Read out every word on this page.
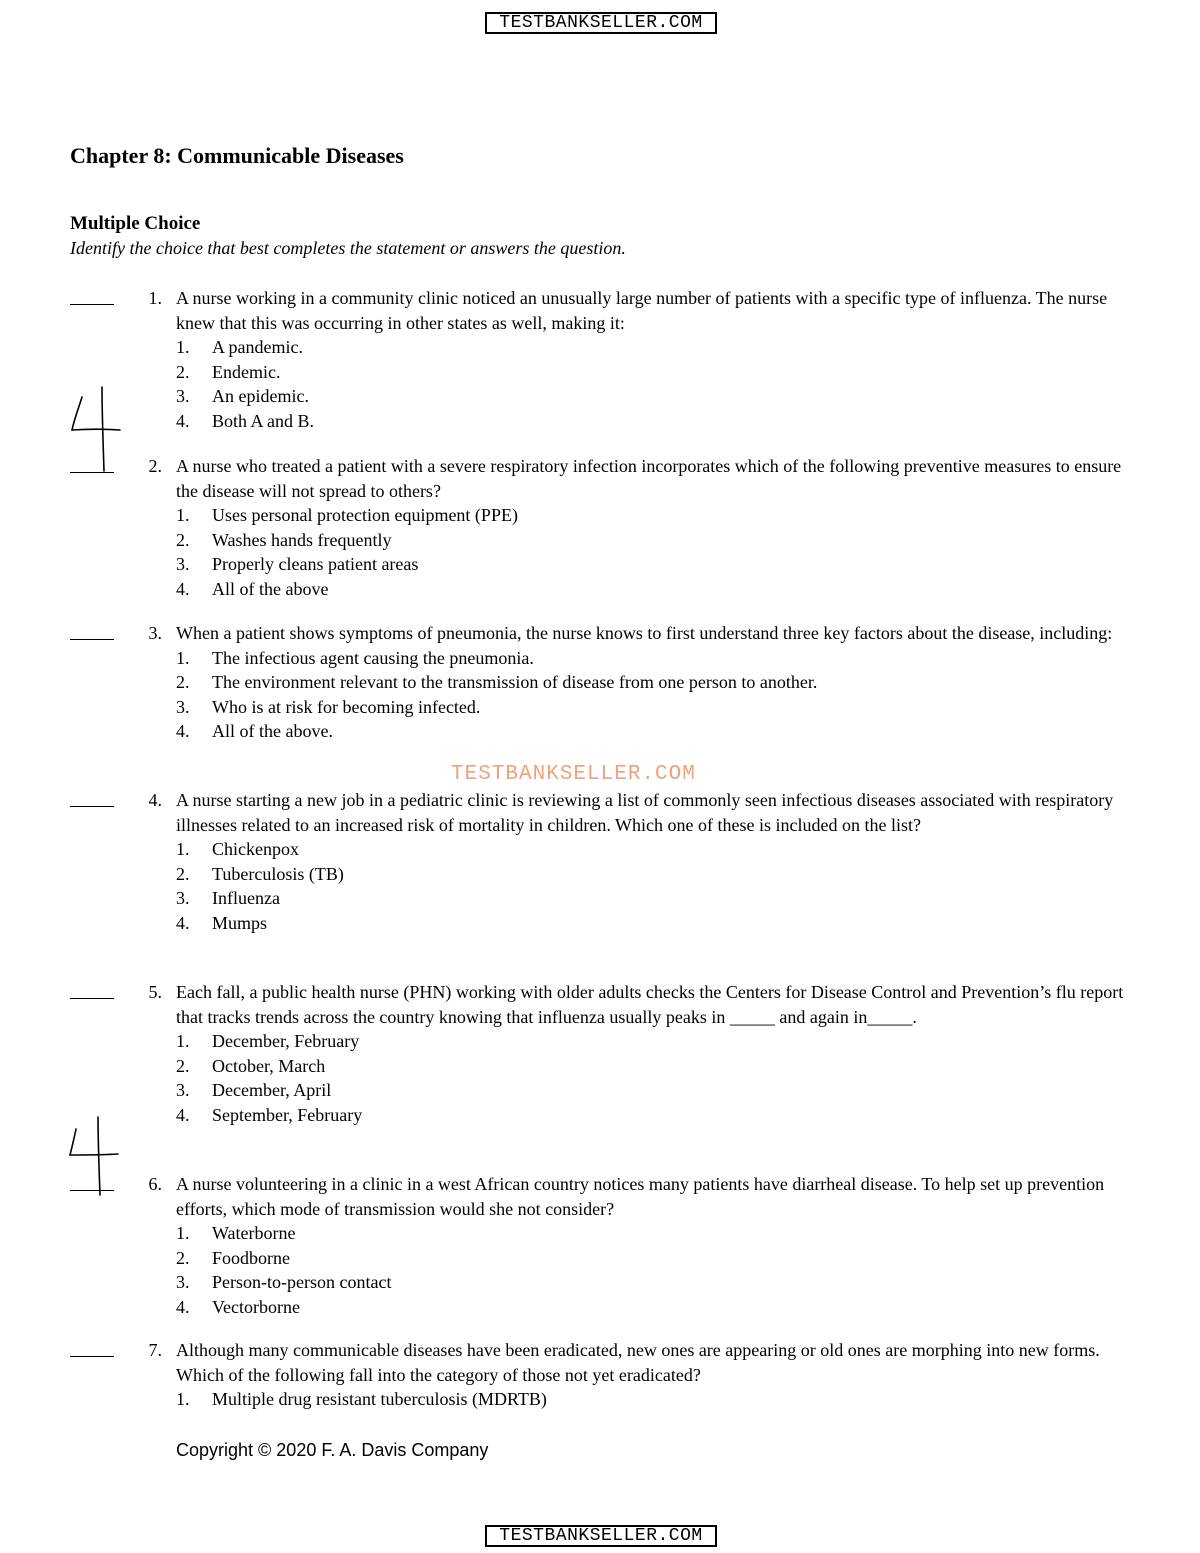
TESTBANKSELLER.COM
Chapter 8: Communicable Diseases
Multiple Choice
Identify the choice that best completes the statement or answers the question.
1. A nurse working in a community clinic noticed an unusually large number of patients with a specific type of influenza. The nurse knew that this was occurring in other states as well, making it:
1. A pandemic.
2. Endemic.
3. An epidemic.
4. Both A and B.
2. A nurse who treated a patient with a severe respiratory infection incorporates which of the following preventive measures to ensure the disease will not spread to others?
1. Uses personal protection equipment (PPE)
2. Washes hands frequently
3. Properly cleans patient areas
4. All of the above
3. When a patient shows symptoms of pneumonia, the nurse knows to first understand three key factors about the disease, including:
1. The infectious agent causing the pneumonia.
2. The environment relevant to the transmission of disease from one person to another.
3. Who is at risk for becoming infected.
4. All of the above.
TESTBANKSELLER.COM
4. A nurse starting a new job in a pediatric clinic is reviewing a list of commonly seen infectious diseases associated with respiratory illnesses related to an increased risk of mortality in children. Which one of these is included on the list?
1. Chickenpox
2. Tuberculosis (TB)
3. Influenza
4. Mumps
5. Each fall, a public health nurse (PHN) working with older adults checks the Centers for Disease Control and Prevention’s flu report that tracks trends across the country knowing that influenza usually peaks in _____ and again in_____.
1. December, February
2. October, March
3. December, April
4. September, February
6. A nurse volunteering in a clinic in a west African country notices many patients have diarrheal disease. To help set up prevention efforts, which mode of transmission would she not consider?
1. Waterborne
2. Foodborne
3. Person-to-person contact
4. Vectorborne
7. Although many communicable diseases have been eradicated, new ones are appearing or old ones are morphing into new forms. Which of the following fall into the category of those not yet eradicated?
1. Multiple drug resistant tuberculosis (MDRTB)
Copyright © 2020 F. A. Davis Company
TESTBANKSELLER.COM
